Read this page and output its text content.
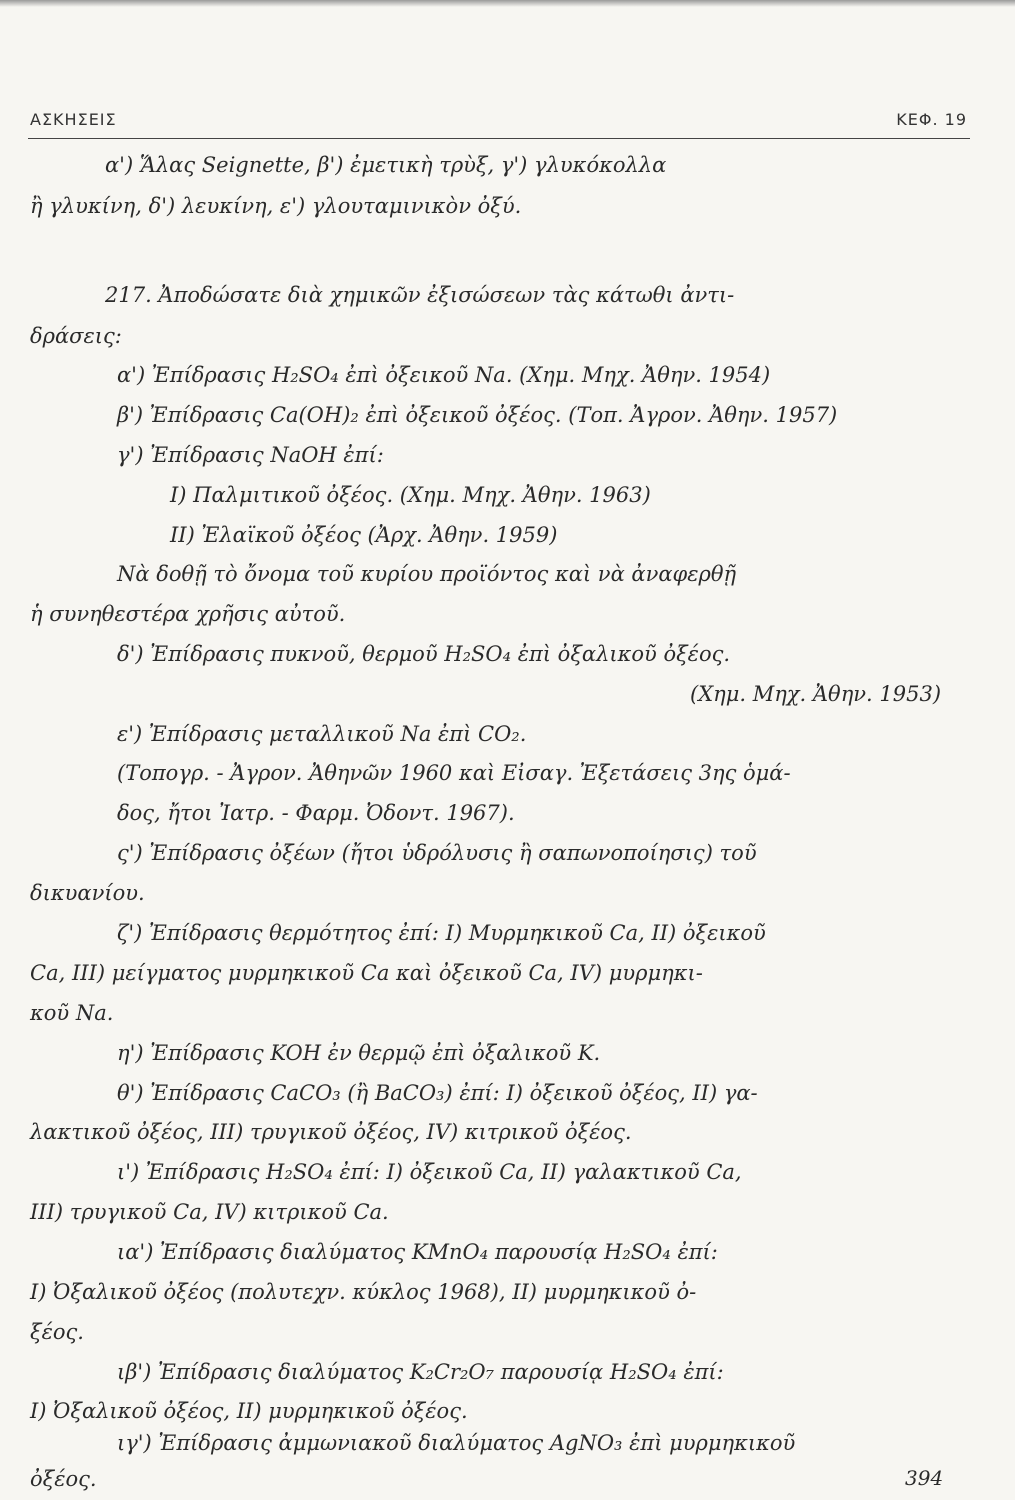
ΑΣΚΗΣΕΙΣ	ΚΕΦ. 19
α') Ἅλας Seignette, β') ἐμετικὴ τρὺξ, γ') γλυκόκολλα
ἢ γλυκίνη, δ') λευκίνη, ε') γλουταμινικὸν ὀξύ.
217. Ἀποδώσατε διὰ χημικῶν ἐξισώσεων τὰς κάτωθι ἀντι-
δράσεις:
α') Ἐπίδρασις H₂SO₄ ἐπὶ ὀξεικοῦ Na. (Χημ. Μηχ. Ἀθην. 1954)
β') Ἐπίδρασις Ca(OH)₂ ἐπὶ ὀξεικοῦ ὀξέος. (Τοπ. Ἀγρον. Ἀθην. 1957)
γ') Ἐπίδρασις NaOH ἐπί:
I) Παλμιτικοῦ ὀξέος. (Χημ. Μηχ. Ἀθην. 1963)
II) Ἐλαϊκοῦ ὀξέος (Ἀρχ. Ἀθην. 1959)
Νὰ δοθῇ τὸ ὄνομα τοῦ κυρίου προϊόντος καὶ νὰ ἀναφερθῇ
ἡ συνηθεστέρα χρῆσις αὐτοῦ.
δ') Ἐπίδρασις πυκνοῦ, θερμοῦ H₂SO₄ ἐπὶ ὀξαλικοῦ ὀξέος.
(Χημ. Μηχ. Ἀθην. 1953)
ε') Ἐπίδρασις μεταλλικοῦ Na ἐπὶ CO₂.
(Τοπογρ. - Ἀγρον. Ἀθηνῶν 1960 καὶ Εἰσαγ. Ἐξετάσεις 3ης ὁμά-
δος, ἤτοι Ἰατρ. - Φαρμ. Ὀδοντ. 1967).
ς') Ἐπίδρασις ὀξέων (ἤτοι ὑδρόλυσις ἢ σαπωνοποίησις) τοῦ
δικυανίου.
ζ') Ἐπίδρασις θερμότητος ἐπί: I) Μυρμηκικοῦ Ca, II) ὀξεικοῦ
Ca, III) μείγματος μυρμηκικοῦ Ca καὶ ὀξεικοῦ Ca, IV) μυρμηκι-
κοῦ Na.
η') Ἐπίδρασις KOH ἐν θερμῷ ἐπὶ ὀξαλικοῦ K.
θ') Ἐπίδρασις CaCO₃ (ἢ BaCO₃) ἐπί: I) ὀξεικοῦ ὀξέος, II) γα-
λακτικοῦ ὀξέος, III) τρυγικοῦ ὀξέος, IV) κιτρικοῦ ὀξέος.
ι') Ἐπίδρασις H₂SO₄ ἐπί: I) ὀξεικοῦ Ca, II) γαλακτικοῦ Ca,
III) τρυγικοῦ Ca, IV) κιτρικοῦ Ca.
ια') Ἐπίδρασις διαλύματος KMnO₄ παρουσίᾳ H₂SO₄ ἐπί:
I) Ὀξαλικοῦ ὀξέος (πολυτεχν. κύκλος 1968), II) μυρμηκικοῦ ὀ-
ξέος.
ιβ') Ἐπίδρασις διαλύματος K₂Cr₂O₇ παρουσίᾳ H₂SO₄ ἐπί:
I) Ὀξαλικοῦ ὀξέος, II) μυρμηκικοῦ ὀξέος.
ιγ') Ἐπίδρασις ἀμμωνιακοῦ διαλύματος AgNO₃ ἐπὶ μυρμηκικοῦ
ὀξέος.	394
